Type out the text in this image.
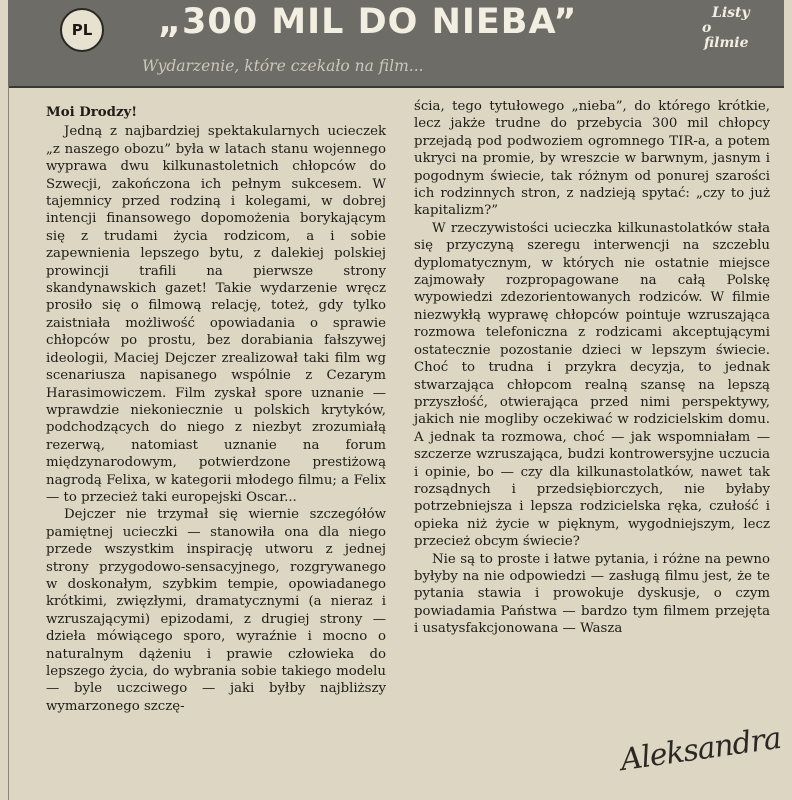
PL	„300 MIL DO NIEBA”
Wydarzenie, które czekało na film...
Listy
o
filmie

Moi Drodzy!

Jedną z najbardziej spektakularnych ucieczek „z naszego obozu” była w latach stanu wojennego wyprawa dwu kilkunastoletnich chłopców do Szwecji, zakończona ich pełnym sukcesem. W tajemnicy przed rodziną i kolegami, w dobrej intencji finansowego dopomożenia borykającym się z trudami życia rodzicom, a i sobie zapewnienia lepszego bytu, z dalekiej polskiej prowincji trafili na pierwsze strony skandynawskich gazet! Takie wydarzenie wręcz prosiło się o filmową relację, toteż, gdy tylko zaistniała możliwość opowiadania o sprawie chłopców po prostu, bez dorabiania fałszywej ideologii, Maciej Dejczer zrealizował taki film wg scenariusza napisanego wspólnie z Cezarym Harasimowiczem. Film zyskał spore uznanie — wprawdzie niekoniecznie u polskich krytyków, podchodzących do niego z niezbyt zrozumiałą rezerwą, natomiast uznanie na forum międzynarodowym, potwierdzone prestiżową nagrodą Felixa, w kategorii młodego filmu; a Felix — to przecież taki europejski Oscar...

Dejczer nie trzymał się wiernie szczegółów pamiętnej ucieczki — stanowiła ona dla niego przede wszystkim inspirację utworu z jednej strony przygodowo-sensacyjnego, rozgrywanego w doskonałym, szybkim tempie, opowiadanego krótkimi, zwięzłymi, dramatycznymi (a nieraz i wzruszającymi) epizodami, z drugiej strony — dzieła mówiącego sporo, wyraźnie i mocno o naturalnym dążeniu i prawie człowieka do lepszego życia, do wybrania sobie takiego modelu — byle uczciwego — jaki byłby najbliższy wymarzonego szczę-

ścia, tego tytułowego „nieba”, do którego krótkie, lecz jakże trudne do przebycia 300 mil chłopcy przejadą pod podwoziem ogromnego TIR-a, a potem ukryci na promie, by wreszcie w barwnym, jasnym i pogodnym świecie, tak różnym od ponurej szarości ich rodzinnych stron, z nadzieją spytać: „czy to już kapitalizm?”

W rzeczywistości ucieczka kilkunastolatków stała się przyczyną szeregu interwencji na szczeblu dyplomatycznym, w których nie ostatnie miejsce zajmowały rozpropagowane na całą Polskę wypowiedzi zdezorientowanych rodziców. W filmie niezwykłą wyprawę chłopców pointuje wzruszająca rozmowa telefoniczna z rodzicami akceptującymi ostatecznie pozostanie dzieci w lepszym świecie. Choć to trudna i przykra decyzja, to jednak stwarzająca chłopcom realną szansę na lepszą przyszłość, otwierająca przed nimi perspektywy, jakich nie mogliby oczekiwać w rodzicielskim domu. A jednak ta rozmowa, choć — jak wspomniałam — szczerze wzruszająca, budzi kontrowersyjne uczucia i opinie, bo — czy dla kilkunastolatków, nawet tak rozsądnych i przedsiębiorczych, nie byłaby potrzebniejsza i lepsza rodzicielska ręka, czułość i opieka niż życie w pięknym, wygodniejszym, lecz przecież obcym świecie?

Nie są to proste i łatwe pytania, i różne na pewno byłyby na nie odpowiedzi — zasługą filmu jest, że te pytania stawia i prowokuje dyskusje, o czym powiadamia Państwa — bardzo tym filmem przejęta i usatysfakcjonowana — Wasza

Aleksandra
